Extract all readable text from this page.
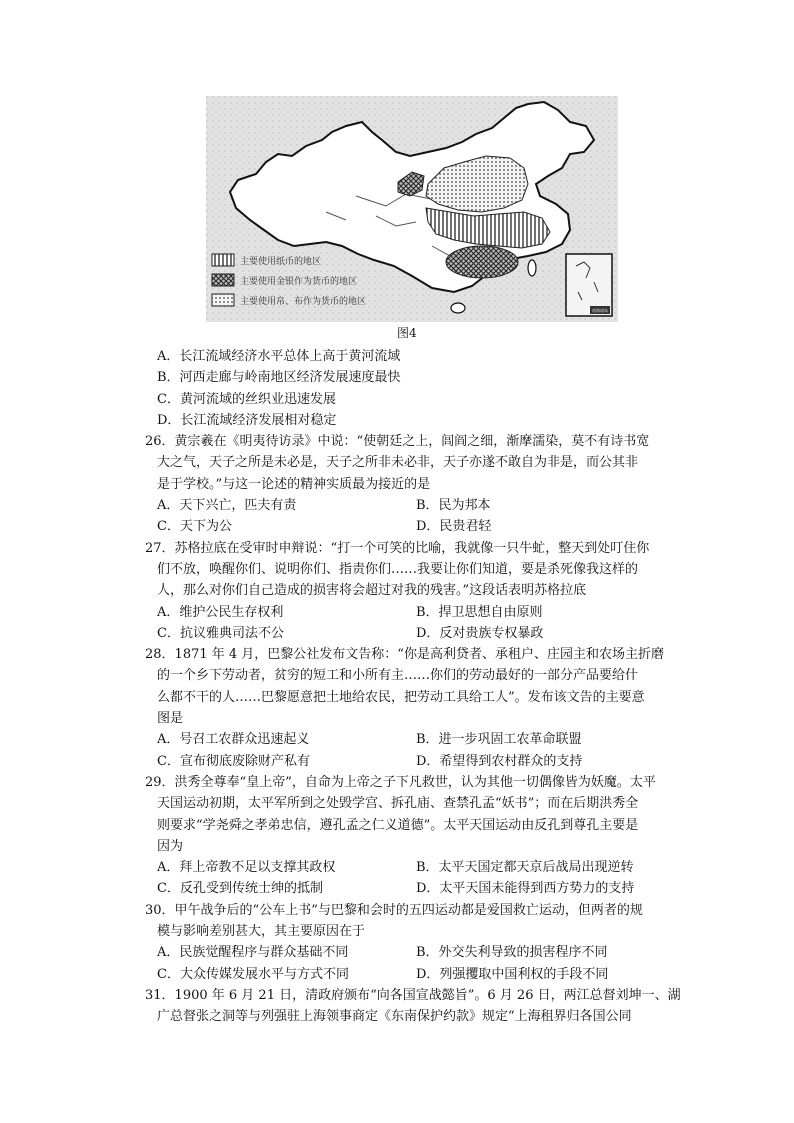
主要使用纸币的地区
主要使用金银作为货币的地区
主要使用帛、布作为货币的地区
南海诸岛
图4
A．长江流域经济水平总体上高于黄河流域
B．河西走廊与岭南地区经济发展速度最快
C．黄河流域的丝织业迅速发展
D．长江流域经济发展相对稳定
26．黄宗羲在《明夷待访录》中说：“使朝廷之上，闾阎之细，渐摩濡染，莫不有诗书宽
大之气，天子之所是未必是，天子之所非未必非，天子亦遂不敢自为非是，而公其非
是于学校。”与这一论述的精神实质最为接近的是
A．天下兴亡，匹夫有责	B．民为邦本
C．天下为公	D．民贵君轻
27．苏格拉底在受审时申辩说：“打一个可笑的比喻，我就像一只牛虻，整天到处叮住你
们不放，唤醒你们、说明你们、指责你们……我要让你们知道，要是杀死像我这样的
人，那么对你们自己造成的损害将会超过对我的残害。”这段话表明苏格拉底
A．维护公民生存权利	B．捍卫思想自由原则
C．抗议雅典司法不公	D．反对贵族专权暴政
28．1871 年 4 月，巴黎公社发布文告称：“你是高利贷者、承租户、庄园主和农场主折磨
的一个乡下劳动者，贫穷的短工和小所有主……你们的劳动最好的一部分产品要给什
么都不干的人……巴黎愿意把土地给农民，把劳动工具给工人”。发布该文告的主要意
图是
A．号召工农群众迅速起义	B．进一步巩固工农革命联盟
C．宣布彻底废除财产私有	D．希望得到农村群众的支持
29．洪秀全尊奉“皇上帝”，自命为上帝之子下凡救世，认为其他一切偶像皆为妖魔。太平
天国运动初期，太平军所到之处毁学宫、拆孔庙、查禁孔孟“妖书”；而在后期洪秀全
则要求“学尧舜之孝弟忠信，遵孔孟之仁义道德”。太平天国运动由反孔到尊孔主要是
因为
A．拜上帝教不足以支撑其政权	B．太平天国定都天京后战局出现逆转
C．反孔受到传统士绅的抵制	D．太平天国未能得到西方势力的支持
30．甲午战争后的“公车上书”与巴黎和会时的五四运动都是爱国救亡运动，但两者的规
模与影响差别甚大，其主要原因在于
A．民族觉醒程序与群众基础不同	B．外交失利导致的损害程序不同
C．大众传媒发展水平与方式不同	D．列强攫取中国利权的手段不同
31．1900 年 6 月 21 日，清政府颁布“向各国宣战懿旨”。6 月 26 日，两江总督刘坤一、湖
广总督张之洞等与列强驻上海领事商定《东南保护约款》规定“上海租界归各国公同
